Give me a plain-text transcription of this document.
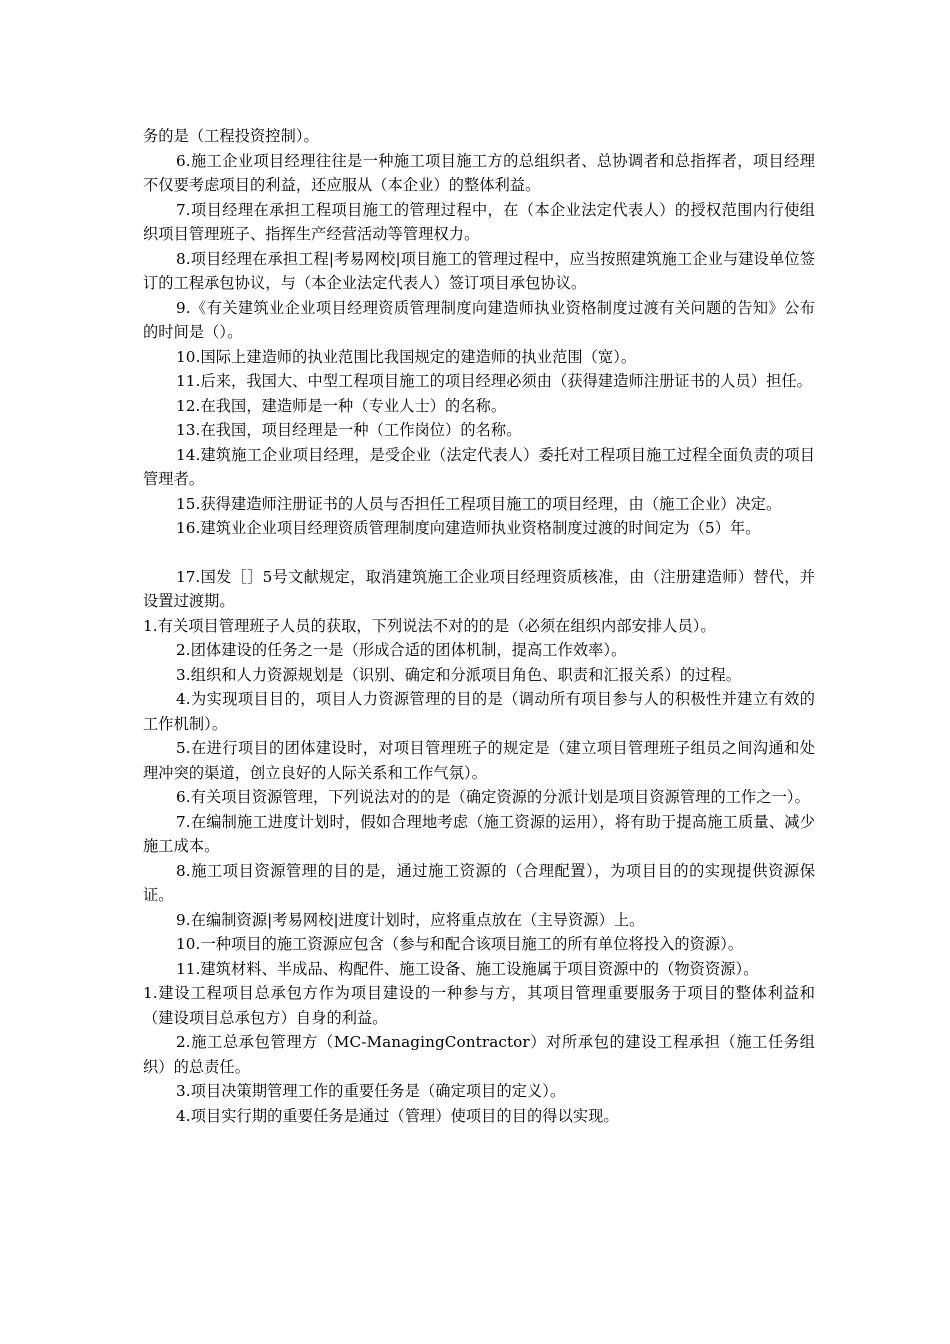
务的是（工程投资控制）。

6.施工企业项目经理往往是一种施工项目施工方的总组织者、总协调者和总指挥者，项目经理不仅要考虑项目的利益，还应服从（本企业）的整体利益。

7.项目经理在承担工程项目施工的管理过程中，在（本企业法定代表人）的授权范围内行使组织项目管理班子、指挥生产经营活动等管理权力。

8.项目经理在承担工程|考易网校|项目施工的管理过程中，应当按照建筑施工企业与建设单位签订的工程承包协议，与（本企业法定代表人）签订项目承包协议。

9.《有关建筑业企业项目经理资质管理制度向建造师执业资格制度过渡有关问题的告知》公布的时间是（）。

10.国际上建造师的执业范围比我国规定的建造师的执业范围（宽）。

11.后来，我国大、中型工程项目施工的项目经理必须由（获得建造师注册证书的人员）担任。

12.在我国，建造师是一种（专业人士）的名称。

13.在我国，项目经理是一种（工作岗位）的名称。

14.建筑施工企业项目经理，是受企业（法定代表人）委托对工程项目施工过程全面负责的项目管理者。

15.获得建造师注册证书的人员与否担任工程项目施工的项目经理，由（施工企业）决定。

16.建筑业企业项目经理资质管理制度向建造师执业资格制度过渡的时间定为（5）年。

17.国发［］5号文献规定，取消建筑施工企业项目经理资质核准，由（注册建造师）替代，并设置过渡期。

1.有关项目管理班子人员的获取，下列说法不对的的是（必须在组织内部安排人员）。

2.团体建设的任务之一是（形成合适的团体机制，提高工作效率）。

3.组织和人力资源规划是（识别、确定和分派项目角色、职责和汇报关系）的过程。

4.为实现项目目的，项目人力资源管理的目的是（调动所有项目参与人的积极性并建立有效的工作机制）。

5.在进行项目的团体建设时，对项目管理班子的规定是（建立项目管理班子组员之间沟通和处理冲突的渠道，创立良好的人际关系和工作气氛）。

6.有关项目资源管理，下列说法对的的是（确定资源的分派计划是项目资源管理的工作之一）。

7.在编制施工进度计划时，假如合理地考虑（施工资源的运用），将有助于提高施工质量、减少施工成本。

8.施工项目资源管理的目的是，通过施工资源的（合理配置），为项目目的的实现提供资源保证。

9.在编制资源|考易网校|进度计划时，应将重点放在（主导资源）上。

10.一种项目的施工资源应包含（参与和配合该项目施工的所有单位将投入的资源）。

11.建筑材料、半成品、构配件、施工设备、施工设施属于项目资源中的（物资资源）。

1.建设工程项目总承包方作为项目建设的一种参与方，其项目管理重要服务于项目的整体利益和（建设项目总承包方）自身的利益。

2.施工总承包管理方（MC-ManagingContractor）对所承包的建设工程承担（施工任务组织）的总责任。

3.项目决策期管理工作的重要任务是（确定项目的定义）。

4.项目实行期的重要任务是通过（管理）使项目的目的得以实现。
